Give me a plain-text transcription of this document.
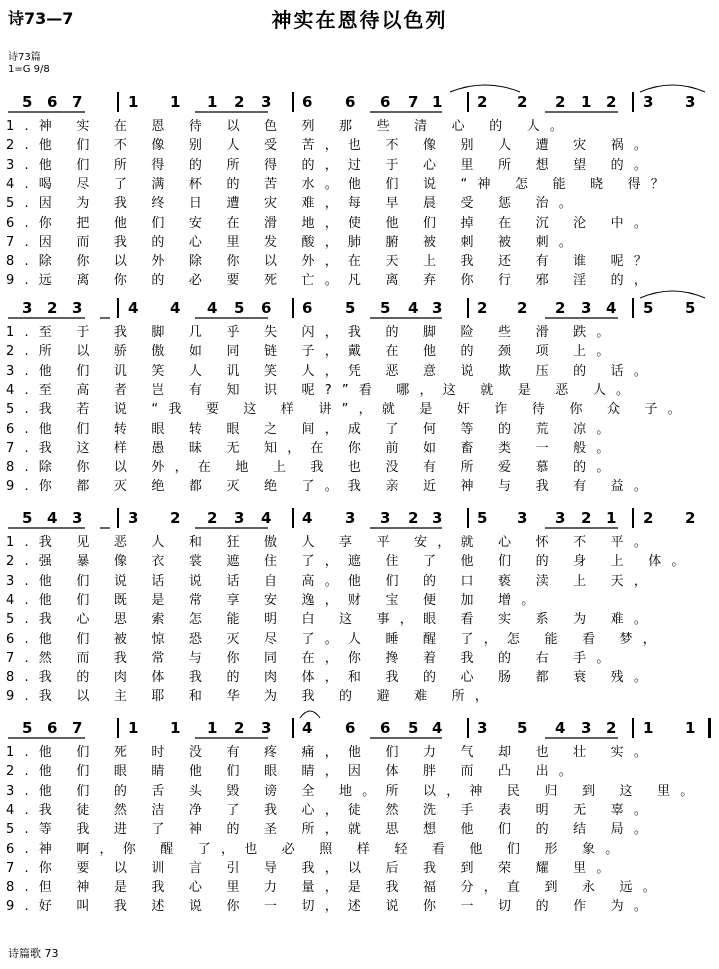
诗73—7	神实在恩待以色列
诗73篇
1=G 9/8
诗篇歌 73
5 6 7	1 1 1 2 3 6 6 6 7 1 2 2 2 1 2 3 3
1.神 实 在 恩 待 以 色 列 那 些 清 心 的 人。
2.他 们 不 像 别 人 受 苦，也 不 像 别 人 遭 灾 祸。
3.他 们 所 得 的 所 得 的，过 于 心 里 所 想 望 的。
4.喝 尽 了 满 杯 的 苦 水。他 们 说 “神 怎 能 晓 得？
5.因 为 我 终 日 遭 灾 难，每 早 晨 受 惩 治。
6.你 把 他 们 安 在 滑 地，使 他 们 掉 在 沉 沦 中。
7.因 而 我 的 心 里 发 酸，肺 腑 被 刺 被 刺。
8.除 你 以 外 除 你 以 外，在 天 上 我 还 有 谁 呢？
9.远 离 你 的 必 要 死 亡。凡 离 弃 你 行 邪 淫 的，
3 2 3	4 4 4 5 6 6 5 5 4 3 2 2 2 3 4 5 5
1.至 于 我 脚 几 乎 失 闪，我 的 脚 险 些 滑 跌。
2.所 以 骄 傲 如 同 链 子，戴 在 他 的 颈 项 上。
3.他 们 讥 笑 人 讥 笑 人，凭 恶 意 说 欺 压 的 话。
4.至 高 者 岂 有 知 识 呢?”看 哪，这 就 是 恶 人。
5.我 若 说 “我 要 这 样 讲”，就 是 奸 诈 待 你 众 子。
6.他 们 转 眼 转 眼 之 间，成 了 何 等 的 荒 凉。
7.我 这 样 愚 昧 无 知，在 你 前 如 畜 类 一 般。
8.除 你 以 外，在 地 上 我 也 没 有 所 爱 慕 的。
9.你 都 灭 绝 都 灭 绝 了。我 亲 近 神 与 我 有 益。
5 4 3	3 2 2 3 4 4 3 3 2 3 5 3 3 2 1 2 2
1.我 见 恶 人 和 狂 傲 人 享 平 安，就 心 怀 不 平。
2.强 暴 像 衣 裳 遮 住 了，遮 住 了 他 们 的 身 上 体。
3.他 们 说 话 说 话 自 高。他 们 的 口 亵 渎 上 天，
4.他 们 既 是 常 享 安 逸，财 宝 便 加 增。
5.我 心 思 索 怎 能 明 白 这 事，眼 看 实 系 为 难。
6.他 们 被 惊 恐 灭 尽 了。人 睡 醒 了，怎 能 看 梦，
7.然 而 我 常 与 你 同 在，你 搀 着 我 的 右 手。
8.我 的 肉 体 我 的 肉 体，和 我 的 心 肠 都 衰 残。
9.我 以 主 耶 和 华 为 我 的 避 难 所，
5 6 7	1 1 1 2 3 4 6 6 5 4 3 5 4 3 2 1 1
1.他 们 死 时 没 有 疼 痛，他 们 力 气 却 也 壮 实。
2.他 们 眼 睛 他 们 眼 睛，因 体 胖 而 凸 出。
3.他 们 的 舌 头 毁 谤 全 地。所 以，神 民 归 到 这 里。
4.我 徒 然 洁 净 了 我 心，徒 然 洗 手 表 明 无 辜。
5.等 我 进 了 神 的 圣 所，就 思 想 他 们 的 结 局。
6.神 啊，你 醒 了，也 必 照 样 轻 看 他 们 形 象。
7.你 要 以 训 言 引 导 我，以 后 我 到 荣 耀 里。
8.但 神 是 我 心 里 力 量，是 我 福 分，直 到 永 远。
9.好 叫 我 述 说 你 一 切，述 说 你 一 切 的 作 为。
